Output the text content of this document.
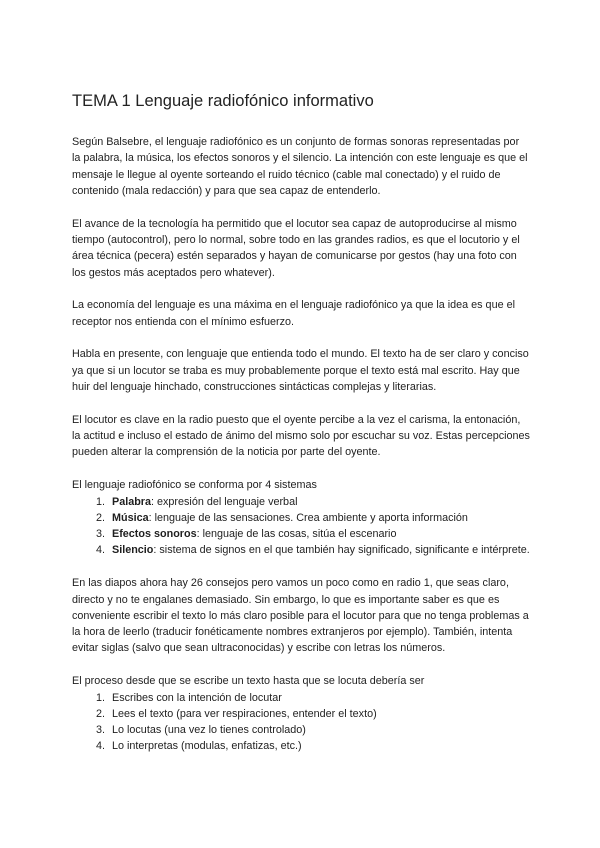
TEMA 1 Lenguaje radiofónico informativo

Según Balsebre, el lenguaje radiofónico es un conjunto de formas sonoras representadas por la palabra, la música, los efectos sonoros y el silencio. La intención con este lenguaje es que el mensaje le llegue al oyente sorteando el ruido técnico (cable mal conectado) y el ruido de contenido (mala redacción) y para que sea capaz de entenderlo.

El avance de la tecnología ha permitido que el locutor sea capaz de autoproducirse al mismo tiempo (autocontrol), pero lo normal, sobre todo en las grandes radios, es que el locutorio y el área técnica (pecera) estén separados y hayan de comunicarse por gestos (hay una foto con los gestos más aceptados pero whatever).

La economía del lenguaje es una máxima en el lenguaje radiofónico ya que la idea es que el receptor nos entienda con el mínimo esfuerzo.

Habla en presente, con lenguaje que entienda todo el mundo. El texto ha de ser claro y conciso ya que si un locutor se traba es muy probablemente porque el texto está mal escrito. Hay que huir del lenguaje hinchado, construcciones sintácticas complejas y literarias.

El locutor es clave en la radio puesto que el oyente percibe a la vez el carisma, la entonación, la actitud e incluso el estado de ánimo del mismo solo por escuchar su voz. Estas percepciones pueden alterar la comprensión de la noticia por parte del oyente.

El lenguaje radiofónico se conforma por 4 sistemas

1. Palabra: expresión del lenguaje verbal
2. Música: lenguaje de las sensaciones. Crea ambiente y aporta información
3. Efectos sonoros: lenguaje de las cosas, sitúa el escenario
4. Silencio: sistema de signos en el que también hay significado, significante e intérprete.

En las diapos ahora hay 26 consejos pero vamos un poco como en radio 1, que seas claro, directo y no te engalanes demasiado. Sin embargo, lo que es importante saber es que es conveniente escribir el texto lo más claro posible para el locutor para que no tenga problemas a la hora de leerlo (traducir fonéticamente nombres extranjeros por ejemplo). También, intenta evitar siglas (salvo que sean ultraconocidas) y escribe con letras los números.

El proceso desde que se escribe un texto hasta que se locuta debería ser

1. Escribes con la intención de locutar
2. Lees el texto (para ver respiraciones, entender el texto)
3. Lo locutas (una vez lo tienes controlado)
4. Lo interpretas (modulas, enfatizas, etc.)
